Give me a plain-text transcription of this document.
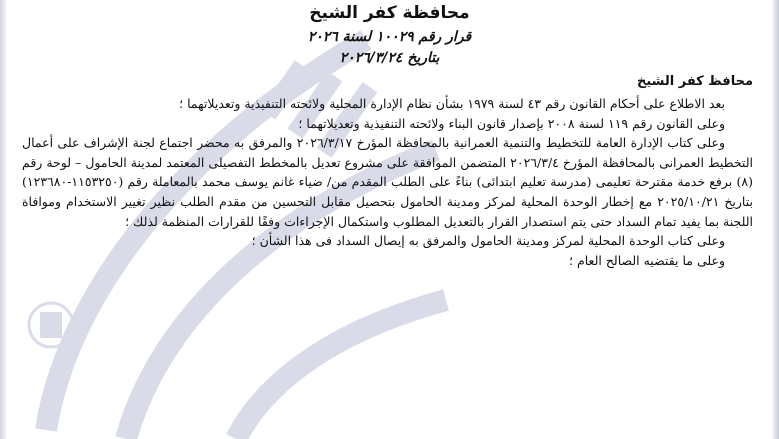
محافظة كفر الشيخ
قرار رقم ١٠٠٢٩ لسنة ٢٠٢٦
بتاريخ ٢٠٢٦/٣/٢٤
محافظ كفر الشيخ

بعد الاطلاع على أحكام القانون رقم ٤٣ لسنة ١٩٧٩ بشأن نظام الإدارة المحلية ولائحته التنفيذية وتعديلاتهما ؛

وعلى القانون رقم ١١٩ لسنة ٢٠٠٨ بإصدار قانون البناء ولائحته التنفيذية وتعديلاتهما ؛

وعلى كتاب الإدارة العامة للتخطيط والتنمية العمرانية بالمحافظة المؤرخ ٢٠٢٦/٣/١٧ والمرفق به محضر اجتماع لجنة الإشراف على أعمال التخطيط العمرانى بالمحافظة المؤرخ ٢٠٢٦/٣/٤ المتضمن الموافقة على مشروع تعديل بالمخطط التفصيلى المعتمد لمدينة الحامول – لوحة رقم (٨) برفع خدمة مقترحة تعليمى (مدرسة تعليم ابتدائى) بناءً على الطلب المقدم من/ ضياء غانم يوسف محمد بالمعاملة رقم (١١٥٣٢٥٠-١٢٣٦٨٠) بتاريخ ٢٠٢٥/١٠/٢١ مع إخطار الوحدة المحلية لمركز ومدينة الحامول بتحصيل مقابل التحسين من مقدم الطلب نظير تغيير الاستخدام وموافاة اللجنة بما يفيد تمام السداد حتى يتم استصدار القرار بالتعديل المطلوب واستكمال الإجراءات وفقًا للقرارات المنظمة لذلك ؛

وعلى كتاب الوحدة المحلية لمركز ومدينة الحامول والمرفق به إيصال السداد فى هذا الشأن ؛

وعلى ما يقتضيه الصالح العام ؛
